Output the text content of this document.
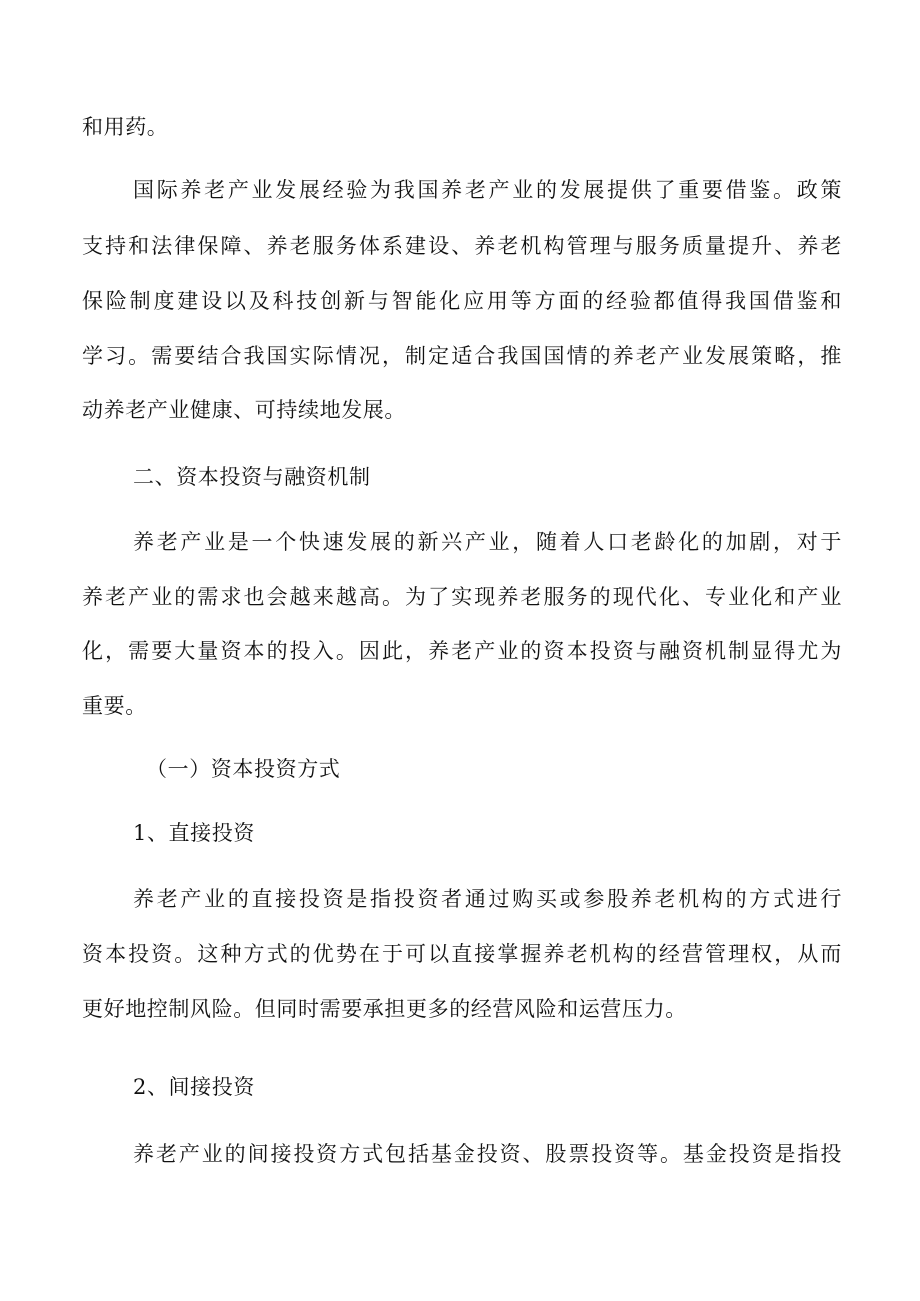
和用药。
国际养老产业发展经验为我国养老产业的发展提供了重要借鉴。政策
支持和法律保障、养老服务体系建设、养老机构管理与服务质量提升、养老
保险制度建设以及科技创新与智能化应用等方面的经验都值得我国借鉴和
学习。需要结合我国实际情况，制定适合我国国情的养老产业发展策略，推
动养老产业健康、可持续地发展。
二、资本投资与融资机制
养老产业是一个快速发展的新兴产业，随着人口老龄化的加剧，对于
养老产业的需求也会越来越高。为了实现养老服务的现代化、专业化和产业
化，需要大量资本的投入。因此，养老产业的资本投资与融资机制显得尤为
重要。
（一）资本投资方式
1、直接投资
养老产业的直接投资是指投资者通过购买或参股养老机构的方式进行
资本投资。这种方式的优势在于可以直接掌握养老机构的经营管理权，从而
更好地控制风险。但同时需要承担更多的经营风险和运营压力。
2、间接投资
养老产业的间接投资方式包括基金投资、股票投资等。基金投资是指投
